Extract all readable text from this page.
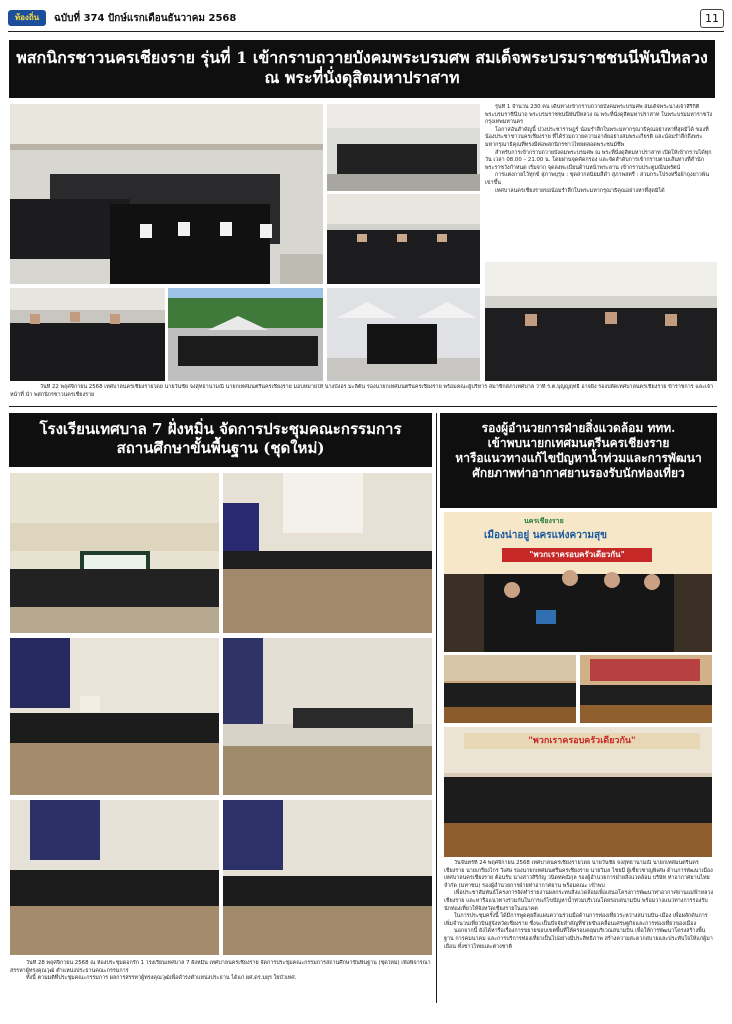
ท้องถิ่น	ฉบับที่ 374 ปักษ์แรกเดือนธันวาคม 2568	11
พสกนิกรชาวนครเชียงราย รุ่นที่ 1 เข้ากราบถวายบังคมพระบรมศพ สมเด็จพระบรมราชชนนีพันปีหลวง
ณ พระที่นั่งดุสิตมหาปราสาท

รุ่นที่ 1 จำนวน 230 คน เดินทางเข้ากราบถวายบังคมพระบรมศพ สมเด็จพระนางเจ้าสิริกิติ์ พระบรมราชินีนาถ พระบรมราชชนนีพันปีหลวง ณ พระที่นั่งดุสิตมหาปราสาท ในพระบรมมหาราชวัง กรุงเทพมหานคร

โอกาสอันสำคัญนี้ ปวงประชาราษฎร์ น้อมรำลึกในพระมหากรุณาธิคุณอย่างหาที่สุดมิได้ ของที่น้องประชาชาวนครเชียงราย ที่ได้ร่วมถวายความอาลัยอย่างสมพระเกียรติ และน้อมรำลึกถึงพระมหากรุณาธิคุณที่ทรงมีต่อพสกนิกรชาวไทยตลอดพระชนม์ชีพ

สำหรับการเข้ากราบถวายบังคมพระบรมศพ ณ พระที่นั่งดุสิตมหาปราสาท เปิดให้เข้ากราบได้ทุกวัน เวลา 08.00 – 21.00 น. โดยผ่านจุดคัดกรอง และจัดลำดับการเข้ากราบตามเส้นทางที่สำนักพระราชวังกำหนด เริ่มจาก จุดลงทะเบียนด้านหน้าพระลาน เข้ากราบประตูมณีนพรัตน์

การแต่งกายไว้ทุกข์ สุภาพบุรุษ : ชุดสากลนิยมสีดำ สุภาพสตรี : สวมกระโปรงหรือผ้าถุงยาวพ้นเข่าขึ้น

เทศบาลนครเชียงรายขอน้อมรำลึกในพระมหากรุณาธิคุณอย่างหาที่สุดมิได้

วันที่ 22 พฤศจิกายน 2568 เทศบาลนครเชียงรายโดย นายวันชัย จงสุทธานามณี นายกเทศมนตรีนครเชียงราย มอบหมายให้ นางบังอร มะลิต้น รองนายกเทศมนตรีนครเชียงราย พร้อมคณะผู้บริหาร สมาชิกสภาเทศบาล ว่าที่ ร.ต.บุญญฤทธิ์ อาจยิ่ง รองปลัดเทศบาลนครเชียงราย ข้าราชการ และเจ้าหน้าที่ นำ พสกนิกรชาวนครเชียงราย
โรงเรียนเทศบาล 7 ฝั่งหมิ่น จัดการประชุมคณะกรรมการ
สถานศึกษาขั้นพื้นฐาน (ชุดใหม่)

วันที่ 28 พฤศจิกายน 2568 ณ ห้องประชุมดอกรัก 1 โรงเรียนเทศบาล 7 ฝั่งหมิ่น เทศบาลนครเชียงราย จัดการประชุมคณะกรรมการสถานศึกษาขั้นพื้นฐาน (ชุดใหม่) เพื่อพิจารณาสรรหาผู้ทรงคุณวุฒิ ตำแหน่งประธานคณะกรรมการ

ทั้งนี้ ตามมติที่ประชุมคณะกรรมการ ผลการสรรหาผู้ทรงคุณวุฒิเพื่อดำรงตำแหน่งประธาน ได้แก่ ผศ.ดร.มยุร ใยบัวเทศ.

รองผู้อำนวยการฝ่ายสิ่งแวดล้อม ททท.
เข้าพบนายกเทศมนตรีนครเชียงราย
หารือแนวทางแก้ไขปัญหาน้ำท่วมและการพัฒนา
ศักยภาพท่าอากาศยานรองรับนักท่องเที่ยว
นครเชียงราย
เมืองน่าอยู่ นครแห่งความสุข
"พวกเราครอบครัวเดียวกัน"
"พวกเราครอบครัวเดียวกัน"

วันจันทร์ที่ 24 พฤศจิกายน 2568 เทศบาลนครเชียงรายโดย นายวันชัย จงสุทธานามณี นายกเทศมนตรีนครเชียงราย นายเกรียงไกร วิเศษ รองนายกเทศมนตรีนครเชียงราย นายวิมล ไชยมี ผู้เชี่ยวชาญพิเศษ ด้านการพัฒนาเมือง เทศบาลนครเชียงราย ต้อนรับ นางสาวสิริกัญ วนิดทคณิกุล รองผู้อำนวยการฝ่ายสิ่งแวดล้อม บริษัท ท่าอากาศยานไทย จำกัด (มหาชน) รองผู้อำนวยการฝ่ายท่าอากาศยาน พร้อมคณะ เข้าพบ

เพื่อประชาสัมพันธ์โครงการจัดทำรายงานผลกระทบสิ่งแวดล้อมเพื่อเสนอโครงการพัฒนาท่าอากาศยานแม่ฟ้าหลวง เชียงราย และหารือแนวทางร่วมกันในการแก้ไขปัญหาน้ำท่วมบริเวณโดยรอบสนามบิน พร้อมวางแนวทางการรองรับนักท่องเที่ยวให้จังหวัดเชียงรายในอนาคต

ในการประชุมครั้งนี้ ได้มีการพูดคุยถึงแผนความร่วมมือด้านการท่องเที่ยวระหว่างสนามบิน-เมือง เพื่อผลักดันการเพิ่มจำนวนเที่ยวบินสู่จังหวัดเชียงราย ซึ่งจะเป็นปัจจัยสำคัญที่ช่วยขับเคลื่อนเศรษฐกิจและการท่องเที่ยวของเมือง

นอกจากนี้ ยังได้หารือเรื่องการขยายขอบเขตพื้นที่ให้ครอบคลุมบริเวณสนามบิน เพื่อให้การพัฒนาโครงสร้างพื้นฐาน การคมนาคม และการบริการท่องเที่ยวเป็นไปอย่างมีประสิทธิภาพ สร้างความสะดวกสบายและประทับใจให้แก่ผู้มาเยือน ทั้งชาวไทยและต่างชาติ
